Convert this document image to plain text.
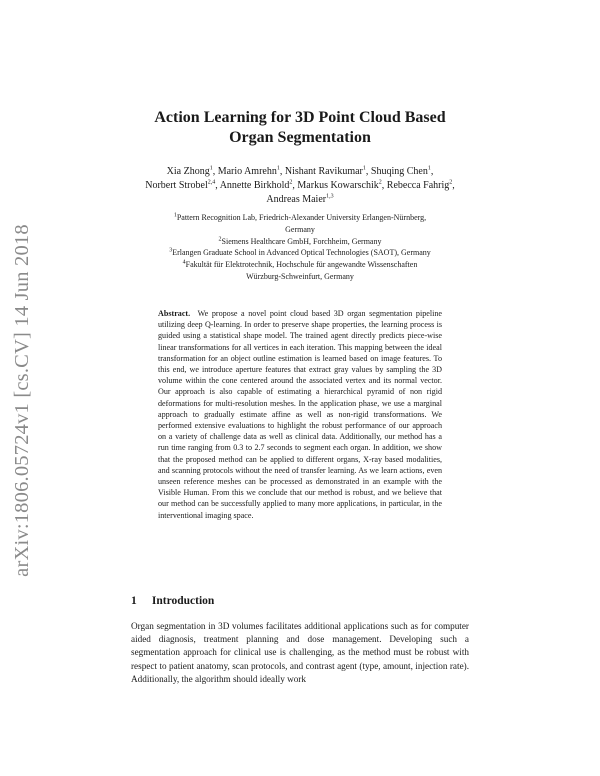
arXiv:1806.05724v1 [cs.CV] 14 Jun 2018
Action Learning for 3D Point Cloud Based
Organ Segmentation
Xia Zhong$^1$, Mario Amrehn$^1$, Nishant Ravikumar$^1$, Shuqing Chen$^1$,
Norbert Strobel$^{2,4}$, Annette Birkhold$^2$, Markus Kowarschik$^2$, Rebecca Fahrig$^2$,
Andreas Maier$^{1,3}$
$^1$Pattern Recognition Lab, Friedrich-Alexander University Erlangen-Nürnberg,
Germany
$^2$Siemens Healthcare GmbH, Forchheim, Germany
$^3$Erlangen Graduate School in Advanced Optical Technologies (SAOT), Germany
$^4$Fakultät für Elektrotechnik, Hochschule für angewandte Wissenschaften
Würzburg-Schweinfurt, Germany
Abstract. We propose a novel point cloud based 3D organ segmentation pipeline utilizing deep Q-learning. In order to preserve shape properties, the learning process is guided using a statistical shape model. The trained agent directly predicts piece-wise linear transformations for all vertices in each iteration. This mapping between the ideal transformation for an object outline estimation is learned based on image features. To this end, we introduce aperture features that extract gray values by sampling the 3D volume within the cone centered around the associated vertex and its normal vector. Our approach is also capable of estimating a hierarchical pyramid of non rigid deformations for multi-resolution meshes. In the application phase, we use a marginal approach to gradually estimate affine as well as non-rigid transformations. We performed extensive evaluations to highlight the robust performance of our approach on a variety of challenge data as well as clinical data. Additionally, our method has a run time ranging from 0.3 to 2.7 seconds to segment each organ. In addition, we show that the proposed method can be applied to different organs, X-ray based modalities, and scanning protocols without the need of transfer learning. As we learn actions, even unseen reference meshes can be processed as demonstrated in an example with the Visible Human. From this we conclude that our method is robust, and we believe that our method can be successfully applied to many more applications, in particular, in the interventional imaging space.
1 Introduction
Organ segmentation in 3D volumes facilitates additional applications such as for computer aided diagnosis, treatment planning and dose management. Developing such a segmentation approach for clinical use is challenging, as the method must be robust with respect to patient anatomy, scan protocols, and contrast agent (type, amount, injection rate). Additionally, the algorithm should ideally work
